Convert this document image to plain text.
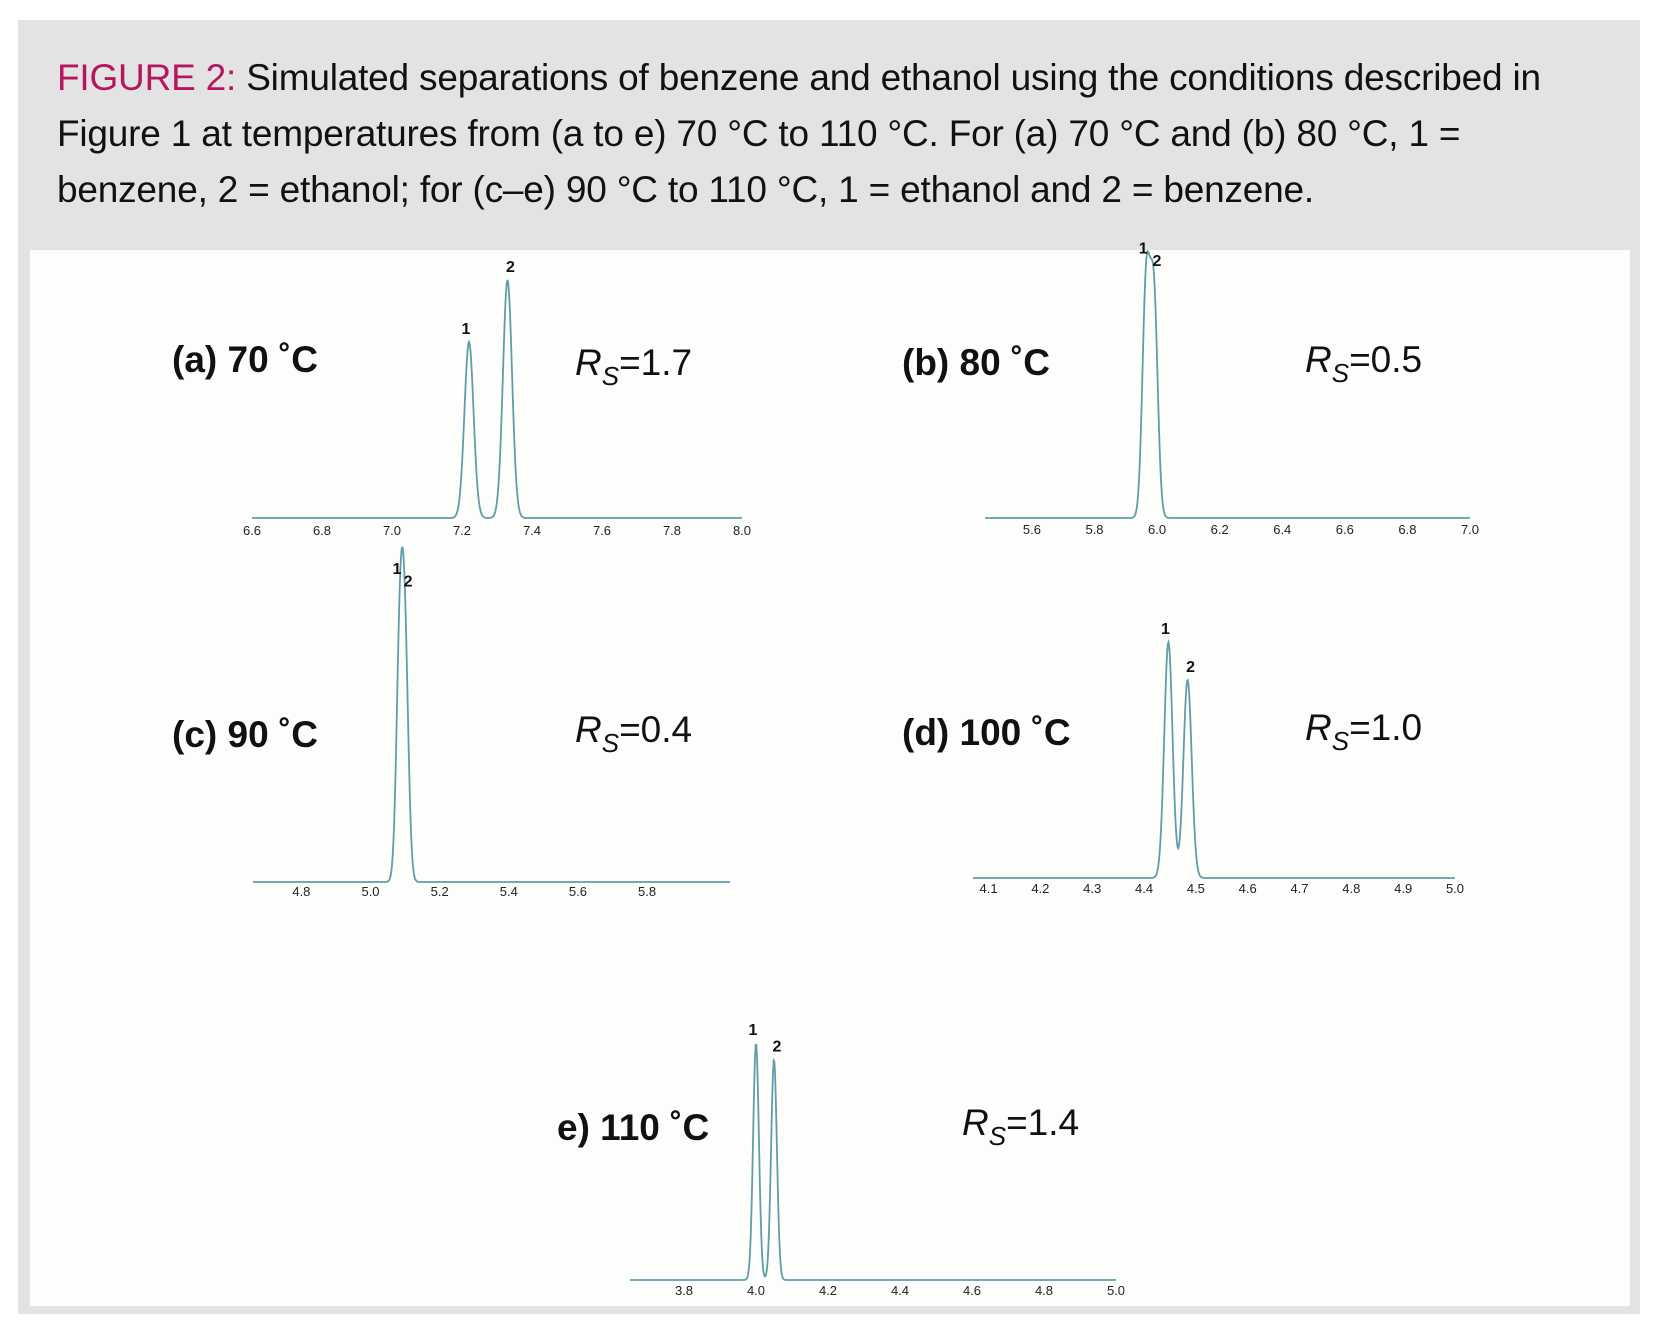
FIGURE 2: Simulated separations of benzene and ethanol using the conditions described in Figure 1 at temperatures from (a to e) 70 °C to 110 °C. For (a) 70 °C and (b) 80 °C, 1 = benzene, 2 = ethanol; for (c–e) 90 °C to 110 °C, 1 = ethanol and 2 = benzene.
1
2
6.6	6.8	7.0	7.2	7.4	7.6	7.8	8.0
(a) 70 ˚C	$R_S=1.7$
1
2
5.6	5.8	6.0	6.2	6.4	6.6	6.8	7.0
(b) 80 ˚C	$R_S=0.5$
1
2
4.8	5.0	5.2	5.4	5.6	5.8
(c) 90 ˚C	$R_S=0.4$
1
2
4.1	4.2	4.3	4.4	4.5	4.6	4.7	4.8	4.9	5.0
(d) 100 ˚C	$R_S=1.0$
1
2
3.8	4.0	4.2	4.4	4.6	4.8	5.0
e) 110 ˚C	$R_S=1.4$
